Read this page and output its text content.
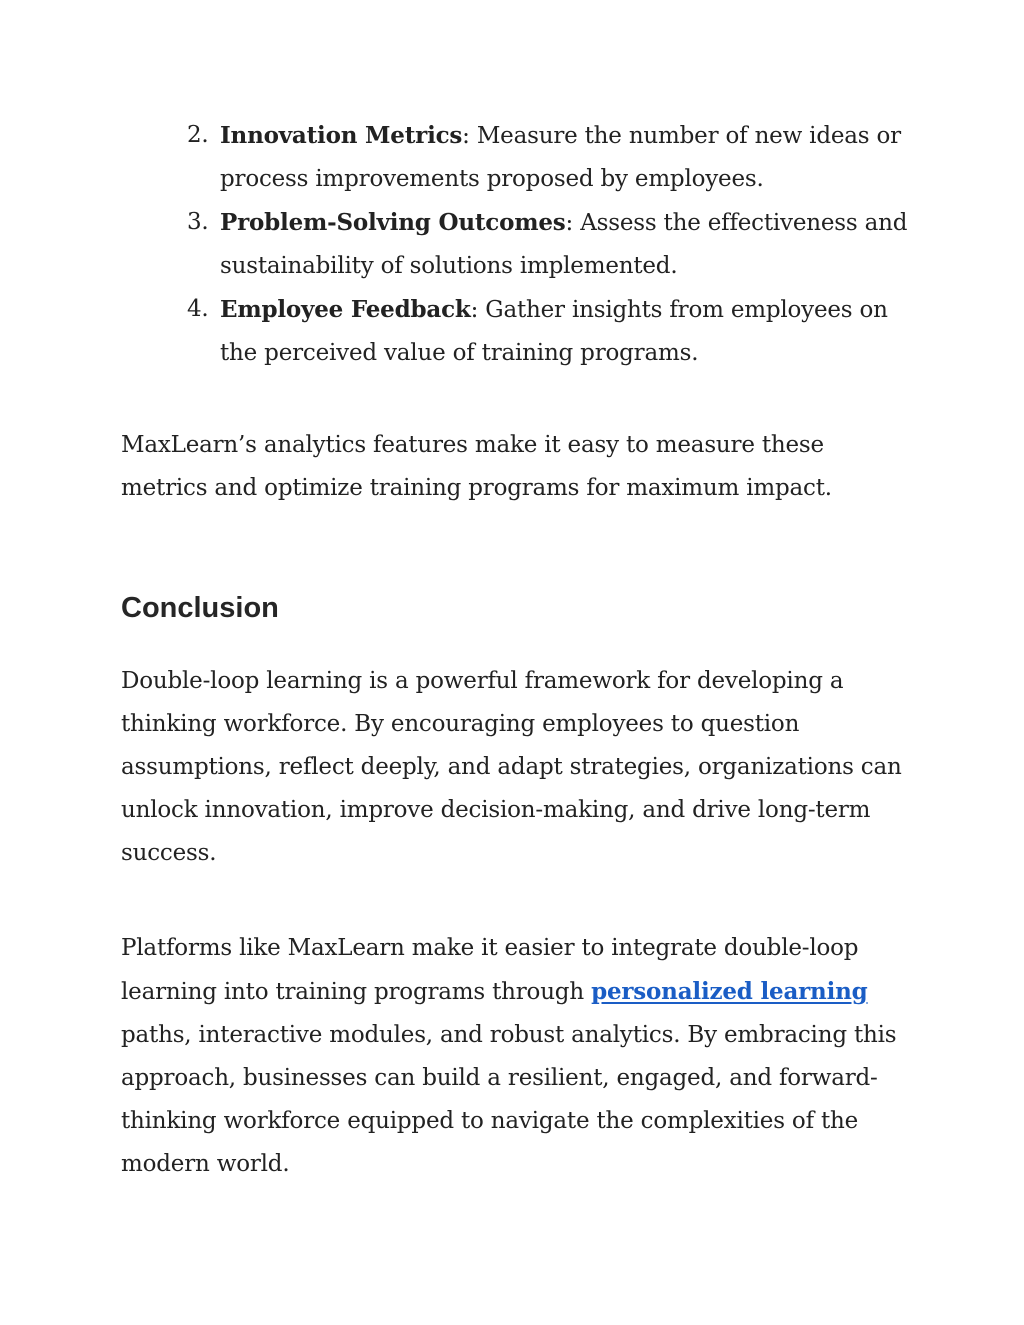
2. Innovation Metrics: Measure the number of new ideas or process improvements proposed by employees.
3. Problem-Solving Outcomes: Assess the effectiveness and sustainability of solutions implemented.
4. Employee Feedback: Gather insights from employees on the perceived value of training programs.

MaxLearn’s analytics features make it easy to measure these metrics and optimize training programs for maximum impact.

Conclusion

Double-loop learning is a powerful framework for developing a thinking workforce. By encouraging employees to question assumptions, reflect deeply, and adapt strategies, organizations can unlock innovation, improve decision-making, and drive long-term success.

Platforms like MaxLearn make it easier to integrate double-loop learning into training programs through personalized learning paths, interactive modules, and robust analytics. By embracing this approach, businesses can build a resilient, engaged, and forward-thinking workforce equipped to navigate the complexities of the modern world.
